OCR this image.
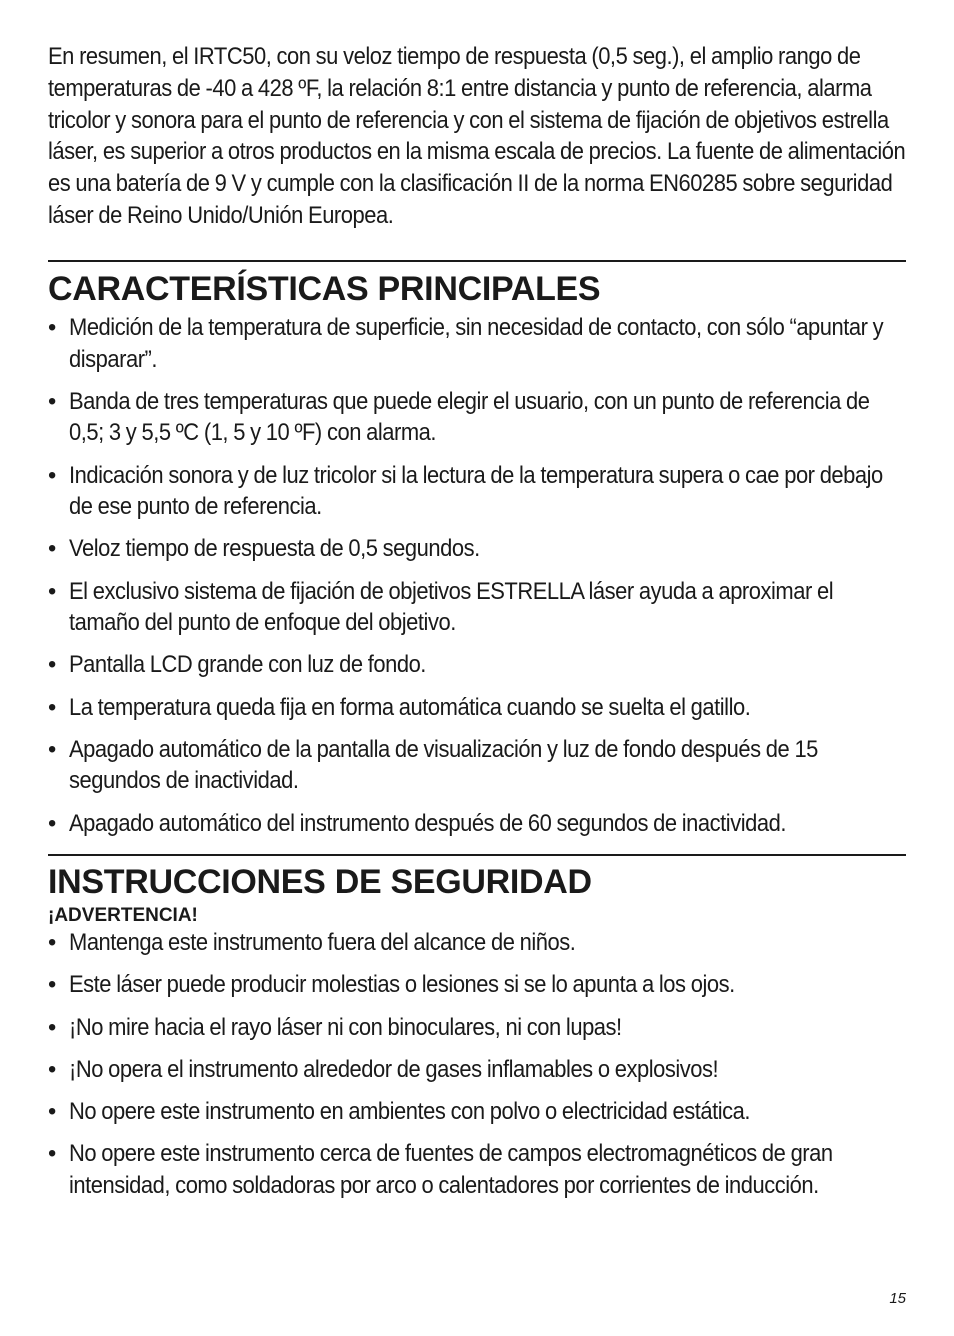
En resumen, el IRTC50, con su veloz tiempo de respuesta (0,5 seg.), el amplio rango de temperaturas de -40 a 428 ºF, la relación 8:1 entre distancia y punto de referencia, alarma tricolor y sonora para el punto de referencia y con el sistema de fijación de objetivos estrella láser, es superior a otros productos en la misma escala de precios. La fuente de alimentación es una batería de 9 V y cumple con la clasificación II de la norma EN60285 sobre seguridad láser de Reino Unido/Unión Europea.

CARACTERÍSTICAS PRINCIPALES
• Medición de la temperatura de superficie, sin necesidad de contacto, con sólo “apuntar y disparar”.
• Banda de tres temperaturas que puede elegir el usuario, con un punto de referencia de 0,5; 3 y 5,5 ºC (1, 5 y 10 ºF) con alarma.
• Indicación sonora y de luz tricolor si la lectura de la temperatura supera o cae por debajo de ese punto de referencia.
• Veloz tiempo de respuesta de 0,5 segundos.
• El exclusivo sistema de fijación de objetivos ESTRELLA láser ayuda a aproximar el tamaño del punto de enfoque del objetivo.
• Pantalla LCD grande con luz de fondo.
• La temperatura queda fija en forma automática cuando se suelta el gatillo.
• Apagado automático de la pantalla de visualización y luz de fondo después de 15 segundos de inactividad.
• Apagado automático del instrumento después de 60 segundos de inactividad.
INSTRUCCIONES DE SEGURIDAD

¡ADVERTENCIA!

• Mantenga este instrumento fuera del alcance de niños.
• Este láser puede producir molestias o lesiones si se lo apunta a los ojos.
• ¡No mire hacia el rayo láser ni con binoculares, ni con lupas!
• ¡No opera el instrumento alrededor de gases inflamables o explosivos!
• No opere este instrumento en ambientes con polvo o electricidad estática.
• No opere este instrumento cerca de fuentes de campos electromagnéticos de gran intensidad, como soldadoras por arco o calentadores por corrientes de inducción.
15
